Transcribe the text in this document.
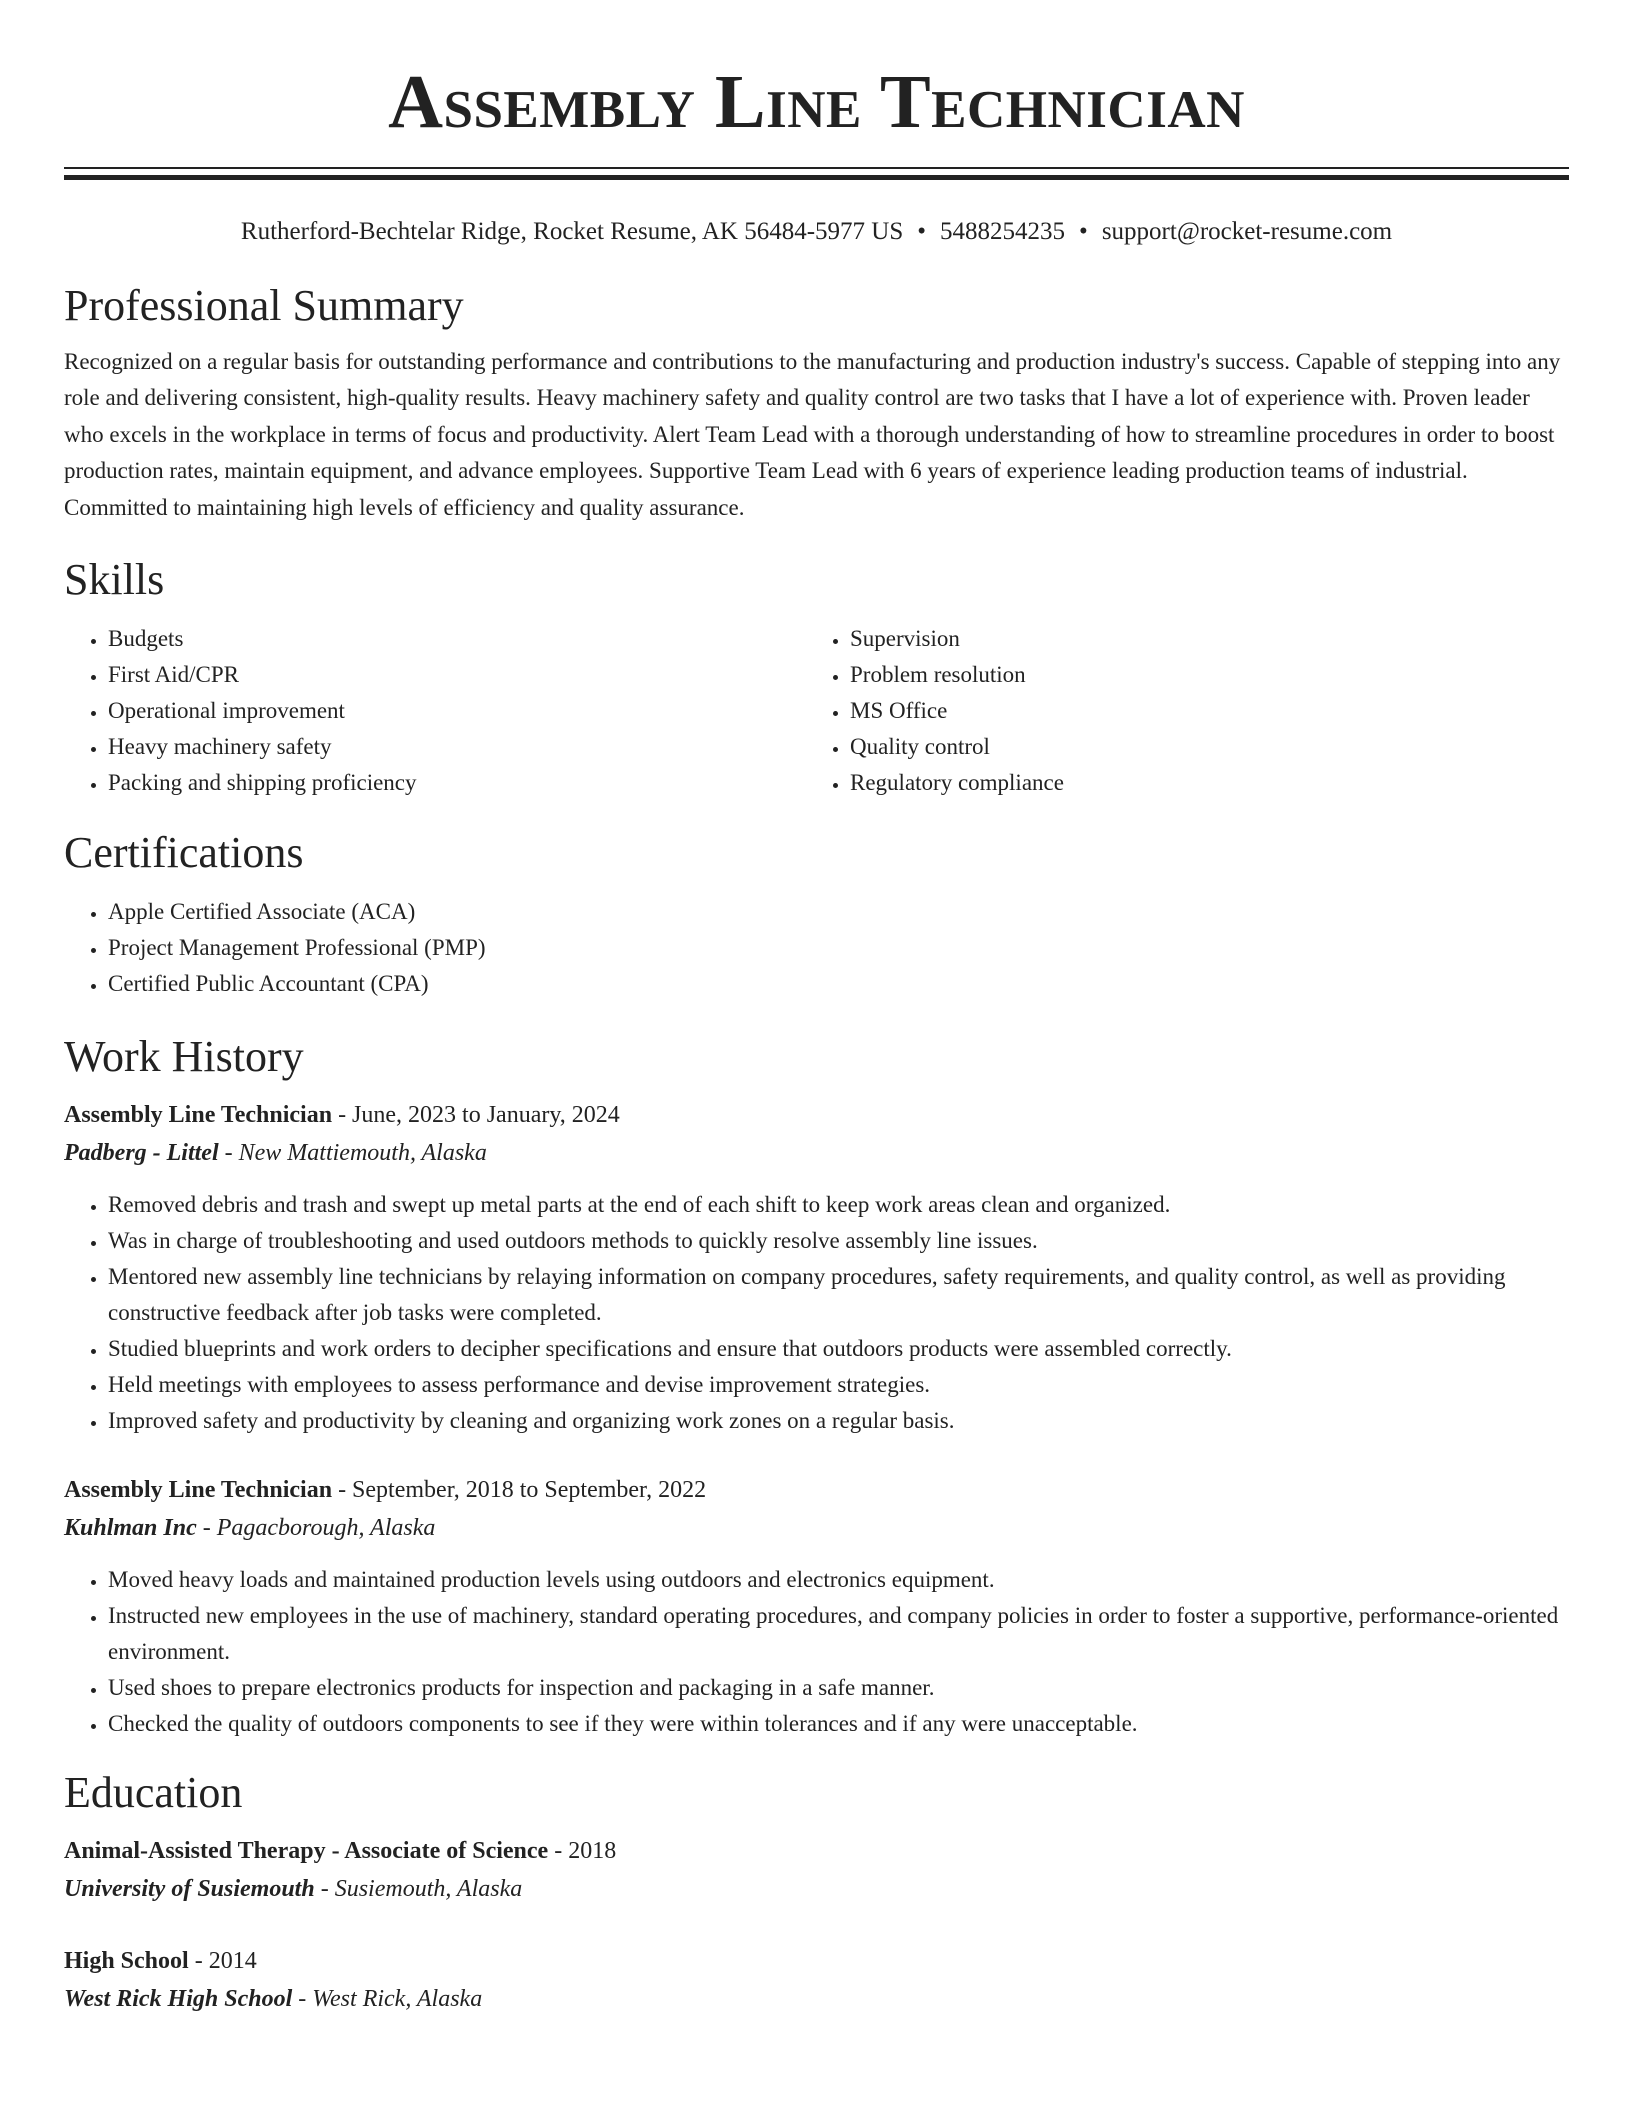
Assembly Line Technician
Rutherford-Bechtelar Ridge, Rocket Resume, AK 56484-5977 US • 5488254235 • support@rocket-resume.com
Professional Summary

Recognized on a regular basis for outstanding performance and contributions to the manufacturing and production industry's success. Capable of stepping into any role and delivering consistent, high-quality results. Heavy machinery safety and quality control are two tasks that I have a lot of experience with. Proven leader who excels in the workplace in terms of focus and productivity. Alert Team Lead with a thorough understanding of how to streamline procedures in order to boost production rates, maintain equipment, and advance employees. Supportive Team Lead with 6 years of experience leading production teams of industrial. Committed to maintaining high levels of efficiency and quality assurance.

Skills
• Budgets
• First Aid/CPR
• Operational improvement
• Heavy machinery safety
• Packing and shipping proficiency
• Supervision
• Problem resolution
• MS Office
• Quality control
• Regulatory compliance
Certifications
• Apple Certified Associate (ACA)
• Project Management Professional (PMP)
• Certified Public Accountant (CPA)
Work History
Assembly Line Technician - June, 2023 to January, 2024
Padberg - Littel - New Mattiemouth, Alaska
• Removed debris and trash and swept up metal parts at the end of each shift to keep work areas clean and organized.
• Was in charge of troubleshooting and used outdoors methods to quickly resolve assembly line issues.
• Mentored new assembly line technicians by relaying information on company procedures, safety requirements, and quality control, as well as providing constructive feedback after job tasks were completed.
• Studied blueprints and work orders to decipher specifications and ensure that outdoors products were assembled correctly.
• Held meetings with employees to assess performance and devise improvement strategies.
• Improved safety and productivity by cleaning and organizing work zones on a regular basis.
Assembly Line Technician - September, 2018 to September, 2022
Kuhlman Inc - Pagacborough, Alaska
• Moved heavy loads and maintained production levels using outdoors and electronics equipment.
• Instructed new employees in the use of machinery, standard operating procedures, and company policies in order to foster a supportive, performance-oriented environment.
• Used shoes to prepare electronics products for inspection and packaging in a safe manner.
• Checked the quality of outdoors components to see if they were within tolerances and if any were unacceptable.
Education
Animal-Assisted Therapy - Associate of Science - 2018
University of Susiemouth - Susiemouth, Alaska
High School - 2014
West Rick High School - West Rick, Alaska
